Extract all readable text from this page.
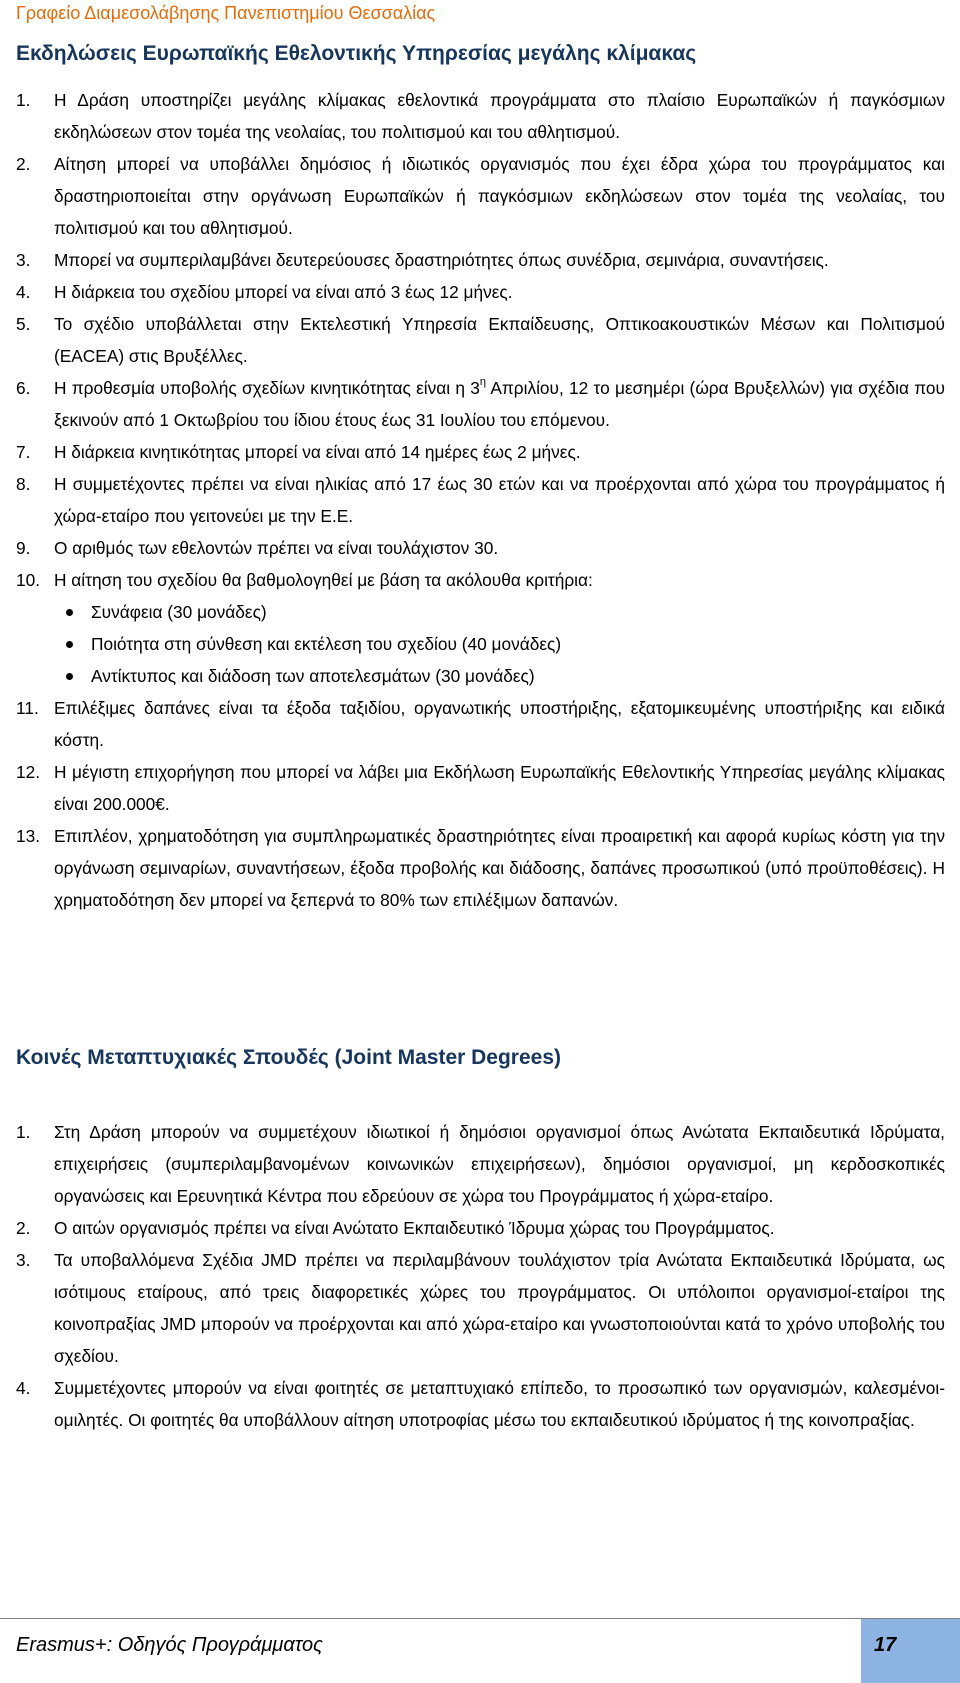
Γραφείο Διαμεσολάβησης Πανεπιστημίου Θεσσαλίας
Εκδηλώσεις Ευρωπαϊκής Εθελοντικής Υπηρεσίας μεγάλης κλίμακας
1. Η Δράση υποστηρίζει μεγάλης κλίμακας εθελοντικά προγράμματα στο πλαίσιο Ευρωπαϊκών ή παγκόσμιων εκδηλώσεων στον τομέα της νεολαίας, του πολιτισμού και του αθλητισμού.
2. Αίτηση μπορεί να υποβάλλει δημόσιος ή ιδιωτικός οργανισμός που έχει έδρα χώρα του προγράμματος και δραστηριοποιείται στην οργάνωση Ευρωπαϊκών ή παγκόσμιων εκδηλώσεων στον τομέα της νεολαίας, του πολιτισμού και του αθλητισμού.
3. Μπορεί να συμπεριλαμβάνει δευτερεύουσες δραστηριότητες όπως συνέδρια, σεμινάρια, συναντήσεις.
4. Η διάρκεια του σχεδίου μπορεί να είναι από 3 έως 12 μήνες.
5. Το σχέδιο υποβάλλεται στην Εκτελεστική Υπηρεσία Εκπαίδευσης, Οπτικοακουστικών Μέσων και Πολιτισμού (EACEA) στις Βρυξέλλες.
6. Η προθεσμία υποβολής σχεδίων κινητικότητας είναι η $3^\eta$ Απριλίου, 12 το μεσημέρι (ώρα Βρυξελλών) για σχέδια που ξεκινούν από 1 Οκτωβρίου του ίδιου έτους έως 31 Ιουλίου του επόμενου.
7. Η διάρκεια κινητικότητας μπορεί να είναι από 14 ημέρες έως 2 μήνες.
8. Η συμμετέχοντες πρέπει να είναι ηλικίας από 17 έως 30 ετών και να προέρχονται από χώρα του προγράμματος ή χώρα-εταίρο που γειτονεύει με την Ε.Ε.
9. Ο αριθμός των εθελοντών πρέπει να είναι τουλάχιστον 30.
10. Η αίτηση του σχεδίου θα βαθμολογηθεί με βάση τα ακόλουθα κριτήρια:
Συνάφεια (30 μονάδες)
Ποιότητα στη σύνθεση και εκτέλεση του σχεδίου (40 μονάδες)
Αντίκτυπος και διάδοση των αποτελεσμάτων (30 μονάδες)
11. Επιλέξιμες δαπάνες είναι τα έξοδα ταξιδίου, οργανωτικής υποστήριξης, εξατομικευμένης υποστήριξης και ειδικά κόστη.
12. Η μέγιστη επιχορήγηση που μπορεί να λάβει μια Εκδήλωση Ευρωπαϊκής Εθελοντικής Υπηρεσίας μεγάλης κλίμακας είναι 200.000€.
13. Επιπλέον, χρηματοδότηση για συμπληρωματικές δραστηριότητες είναι προαιρετική και αφορά κυρίως κόστη για την οργάνωση σεμιναρίων, συναντήσεων, έξοδα προβολής και διάδοσης, δαπάνες προσωπικού (υπό προϋποθέσεις). Η χρηματοδότηση δεν μπορεί να ξεπερνά το 80% των επιλέξιμων δαπανών.
Κοινές Μεταπτυχιακές Σπουδές (Joint Master Degrees)
1. Στη Δράση μπορούν να συμμετέχουν ιδιωτικοί ή δημόσιοι οργανισμοί όπως Ανώτατα Εκπαιδευτικά Ιδρύματα, επιχειρήσεις (συμπεριλαμβανομένων κοινωνικών επιχειρήσεων), δημόσιοι οργανισμοί, μη κερδοσκοπικές οργανώσεις και Ερευνητικά Κέντρα που εδρεύουν σε χώρα του Προγράμματος ή χώρα-εταίρο.
2. Ο αιτών οργανισμός πρέπει να είναι Ανώτατο Εκπαιδευτικό Ίδρυμα χώρας του Προγράμματος.
3. Τα υποβαλλόμενα Σχέδια JMD πρέπει να περιλαμβάνουν τουλάχιστον τρία Ανώτατα Εκπαιδευτικά Ιδρύματα, ως ισότιμους εταίρους, από τρεις διαφορετικές χώρες του προγράμματος. Οι υπόλοιποι οργανισμοί-εταίροι της κοινοπραξίας JMD μπορούν να προέρχονται και από χώρα-εταίρο και γνωστοποιούνται κατά το χρόνο υποβολής του σχεδίου.
4. Συμμετέχοντες μπορούν να είναι φοιτητές σε μεταπτυχιακό επίπεδο, το προσωπικό των οργανισμών, καλεσμένοι-ομιλητές. Οι φοιτητές θα υποβάλλουν αίτηση υποτροφίας μέσω του εκπαιδευτικού ιδρύματος ή της κοινοπραξίας.
Erasmus+: Οδηγός Προγράμματος	17
